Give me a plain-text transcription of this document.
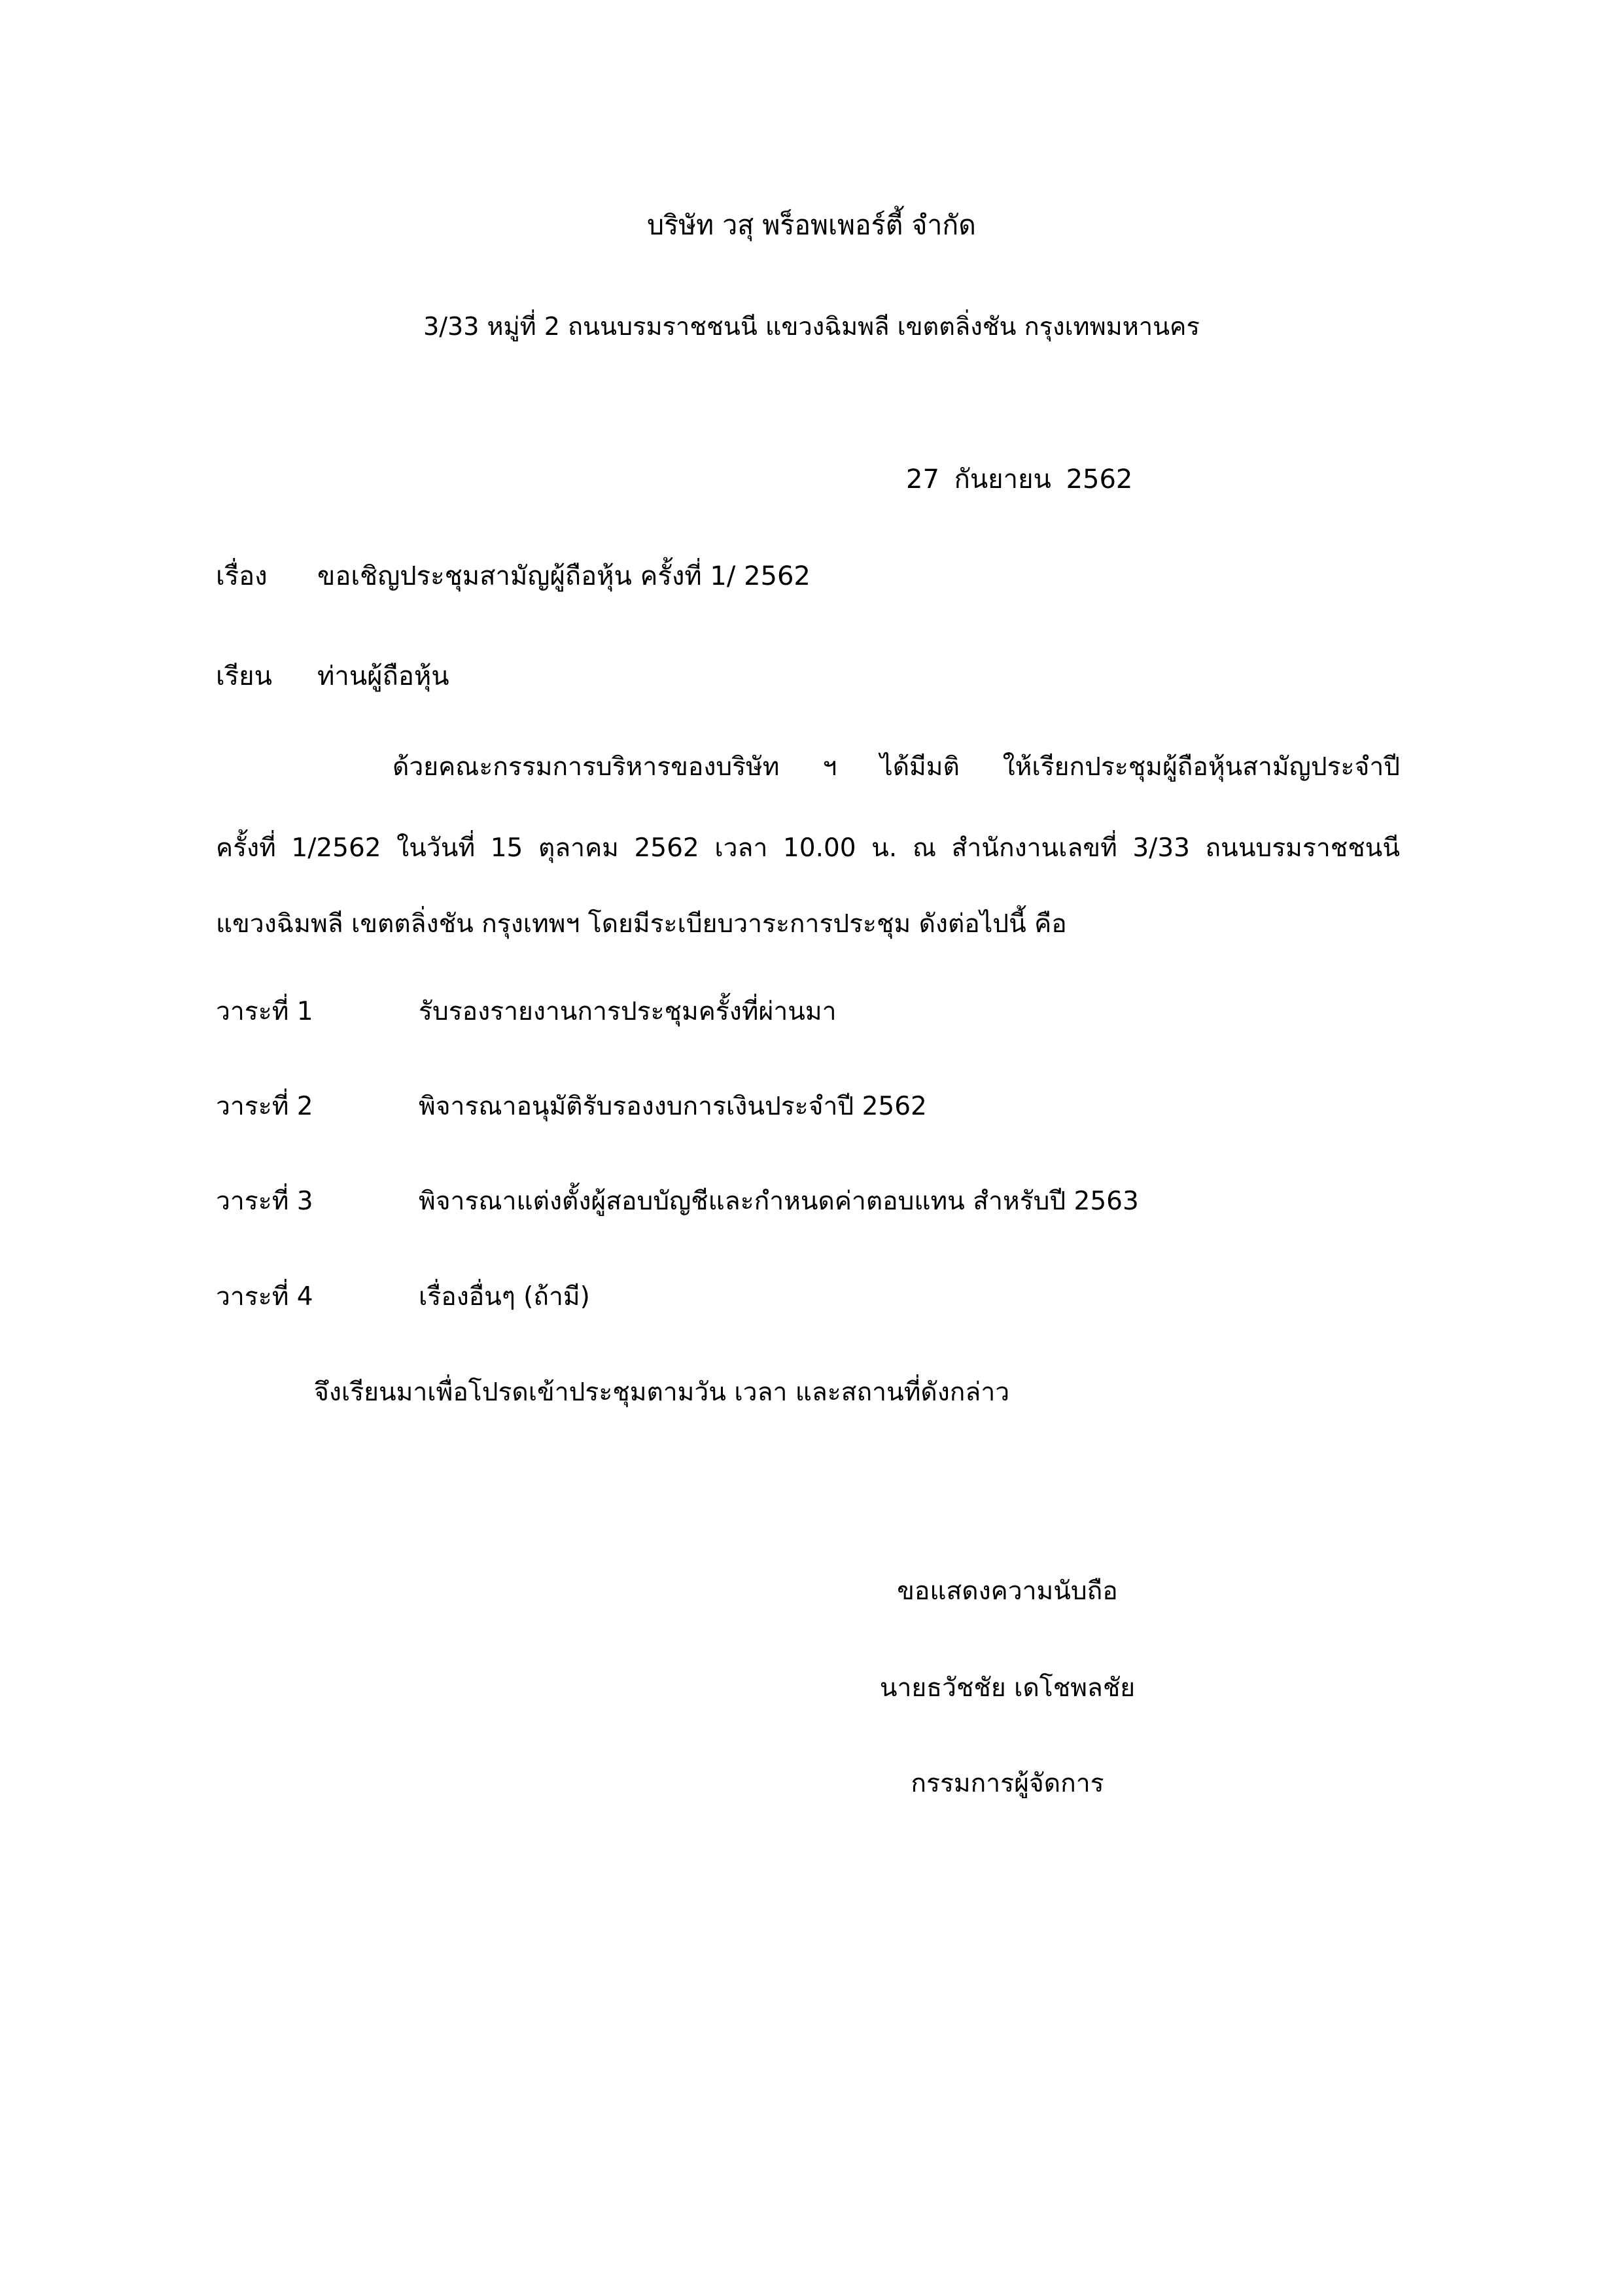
บริษัท วสุ พร็อพเพอร์ตี้ จำกัด
3/33 หมู่ที่ 2 ถนนบรมราชชนนี แขวงฉิมพลี เขตตลิ่งชัน กรุงเทพมหานคร
27 กันยายน 2562
เรื่อง ขอเชิญประชุมสามัญผู้ถือหุ้น ครั้งที่ 1/ 2562
เรียน ท่านผู้ถือหุ้น
ด้วยคณะกรรมการบริหารของบริษัท ฯ ได้มีมติ ให้เรียกประชุมผู้ถือหุ้นสามัญประจำปี
ครั้งที่ 1/2562 ในวันที่ 15 ตุลาคม 2562 เวลา 10.00 น. ณ สำนักงานเลขที่ 3/33 ถนนบรมราชชนนี
แขวงฉิมพลี เขตตลิ่งชัน กรุงเทพฯ โดยมีระเบียบวาระการประชุม ดังต่อไปนี้ คือ
วาระที่ 1	รับรองรายงานการประชุมครั้งที่ผ่านมา
วาระที่ 2	พิจารณาอนุมัติรับรองงบการเงินประจำปี 2562
วาระที่ 3	พิจารณาแต่งตั้งผู้สอบบัญชีและกำหนดค่าตอบแทน สำหรับปี 2563
วาระที่ 4	เรื่องอื่นๆ (ถ้ามี)
จึงเรียนมาเพื่อโปรดเข้าประชุมตามวัน เวลา และสถานที่ดังกล่าว
ขอแสดงความนับถือ
นายธวัชชัย เดโชพลชัย
กรรมการผู้จัดการ
